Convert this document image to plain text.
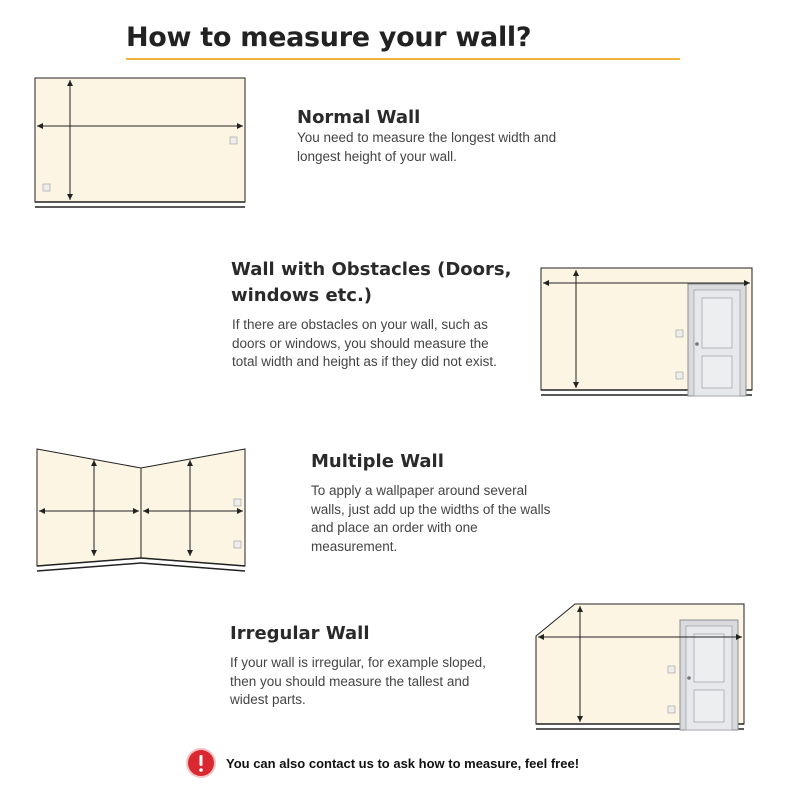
How to measure your wall?
Normal Wall
You need to measure the longest width and longest height of your wall.
Wall with Obstacles (Doors, windows etc.)
If there are obstacles on your wall, such as doors or windows, you should measure the total width and height as if they did not exist.
Multiple Wall
To apply a wallpaper around several walls, just add up the widths of the walls and place an order with one measurement.
Irregular Wall
If your wall is irregular, for example sloped, then you should measure the tallest and widest parts.
You can also contact us to ask how to measure, feel free!
